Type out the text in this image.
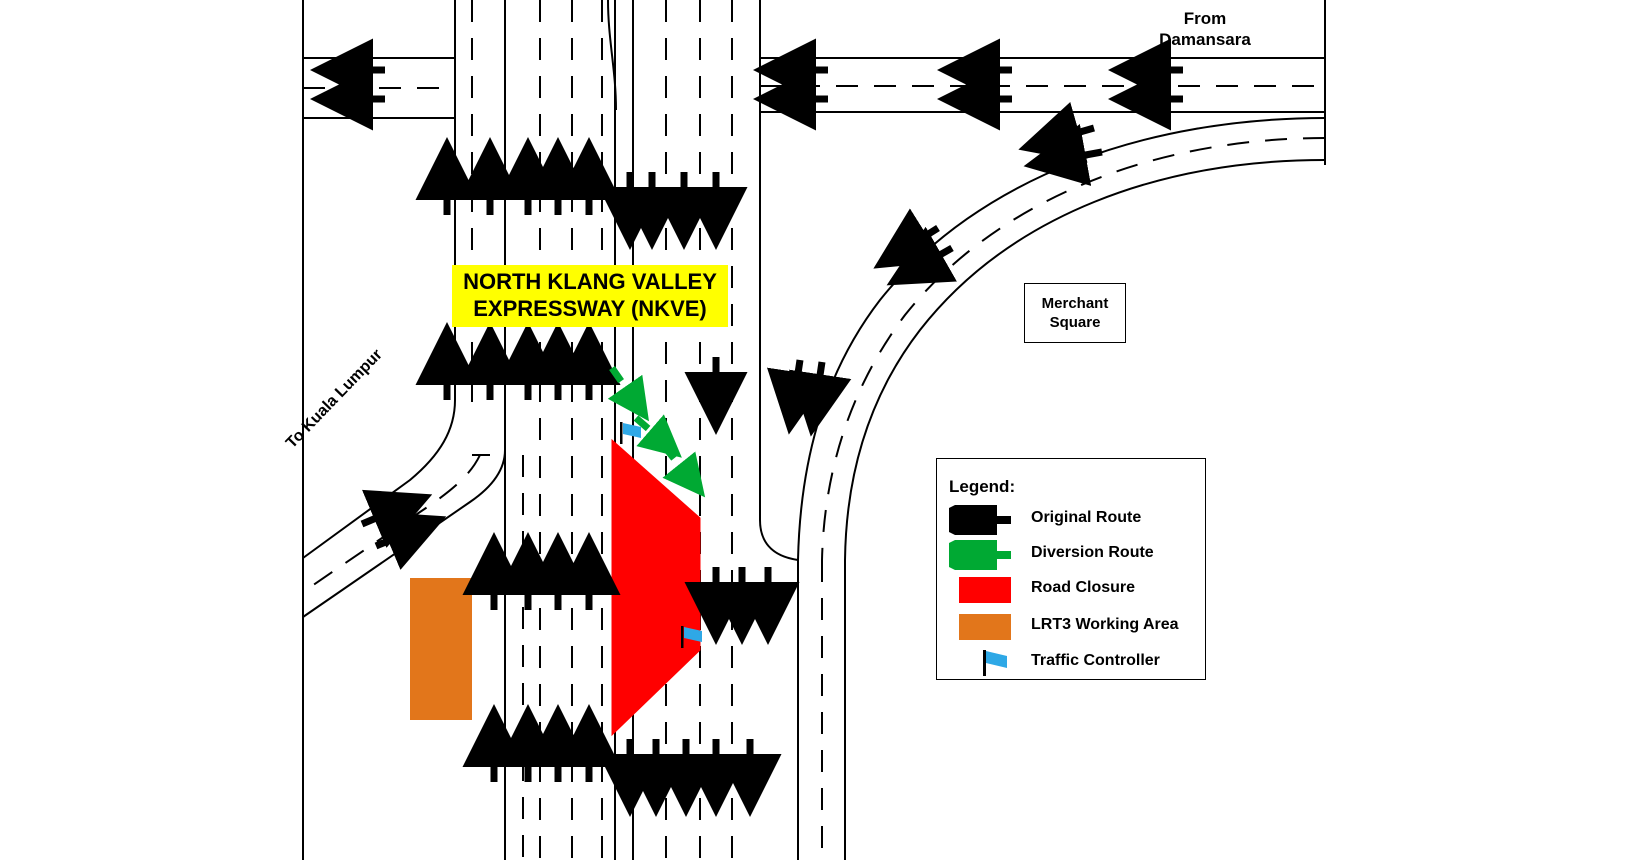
NORTH KLANG VALLEY
EXPRESSWAY (NKVE)
From
Damansara
Merchant
Square
To Kuala Lumpur
Legend:
Original Route
Diversion Route
Road Closure
LRT3 Working Area
Traffic Controller
